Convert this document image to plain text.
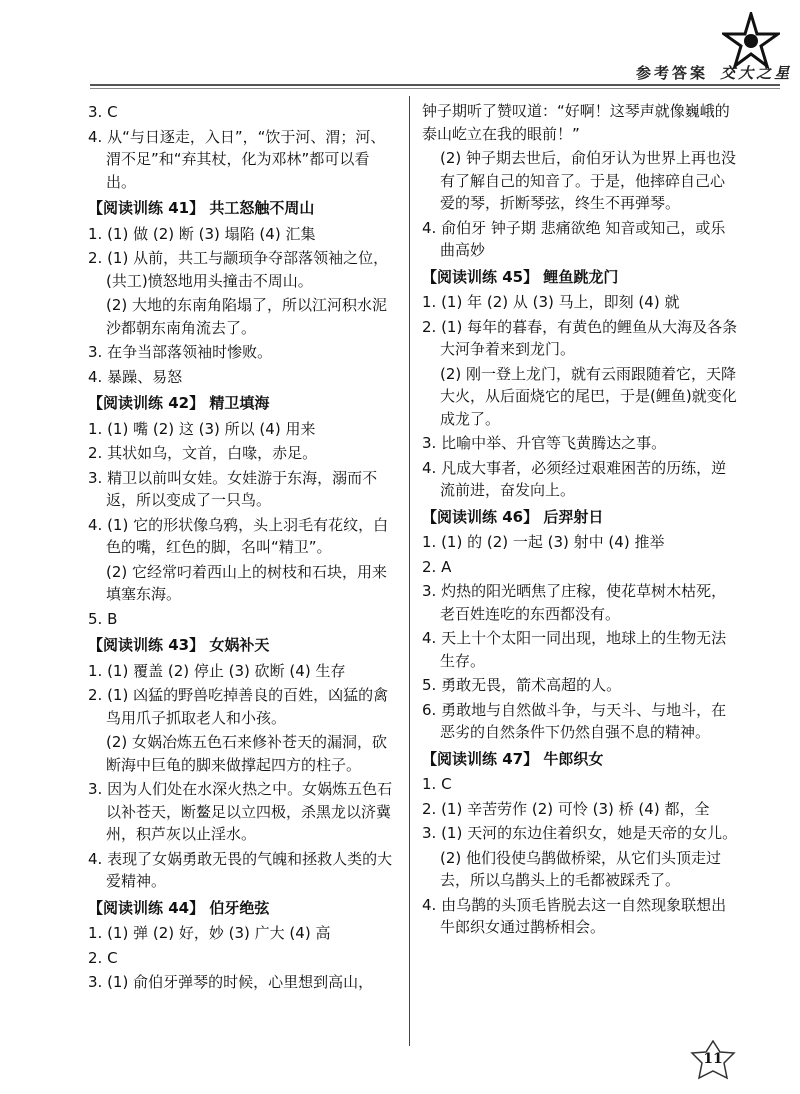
参考答案 交大之星
3. C
4. 从“与日逐走，入日”，“饮于河、渭；河、渭不足”和“弃其杖，化为邓林”都可以看出。
【阅读训练 41】 共工怒触不周山
1. (1) 做 (2) 断 (3) 塌陷 (4) 汇集
2. (1) 从前，共工与颛顼争夺部落领袖之位，(共工)愤怒地用头撞击不周山。
(2) 大地的东南角陷塌了，所以江河积水泥沙都朝东南角流去了。
3. 在争当部落领袖时惨败。
4. 暴躁、易怒
【阅读训练 42】 精卫填海
1. (1) 嘴 (2) 这 (3) 所以 (4) 用来
2. 其状如乌，文首，白喙，赤足。
3. 精卫以前叫女娃。女娃游于东海，溺而不返，所以变成了一只鸟。
4. (1) 它的形状像乌鸦，头上羽毛有花纹，白色的嘴，红色的脚，名叫“精卫”。
(2) 它经常叼着西山上的树枝和石块，用来填塞东海。
5. B
【阅读训练 43】 女娲补天
1. (1) 覆盖 (2) 停止 (3) 砍断 (4) 生存
2. (1) 凶猛的野兽吃掉善良的百姓，凶猛的禽鸟用爪子抓取老人和小孩。
(2) 女娲冶炼五色石来修补苍天的漏洞，砍断海中巨龟的脚来做撑起四方的柱子。
3. 因为人们处在水深火热之中。女娲炼五色石以补苍天，断鳌足以立四极，杀黑龙以济冀州，积芦灰以止淫水。
4. 表现了女娲勇敢无畏的气魄和拯救人类的大爱精神。
【阅读训练 44】 伯牙绝弦
1. (1) 弹 (2) 好，妙 (3) 广大 (4) 高
2. C
3. (1) 俞伯牙弹琴的时候，心里想到高山，
钟子期听了赞叹道：“好啊！这琴声就像巍峨的泰山屹立在我的眼前！”
(2) 钟子期去世后，俞伯牙认为世界上再也没有了解自己的知音了。于是，他摔碎自己心爱的琴，折断琴弦，终生不再弹琴。
4. 俞伯牙 钟子期 悲痛欲绝 知音或知己，或乐曲高妙
【阅读训练 45】 鲤鱼跳龙门
1. (1) 年 (2) 从 (3) 马上，即刻 (4) 就
2. (1) 每年的暮春，有黄色的鲤鱼从大海及各条大河争着来到龙门。
(2) 刚一登上龙门，就有云雨跟随着它，天降大火，从后面烧它的尾巴，于是(鲤鱼)就变化成龙了。
3. 比喻中举、升官等飞黄腾达之事。
4. 凡成大事者，必须经过艰难困苦的历练，逆流前进，奋发向上。
【阅读训练 46】 后羿射日
1. (1) 的 (2) 一起 (3) 射中 (4) 推举
2. A
3. 灼热的阳光晒焦了庄稼，使花草树木枯死，老百姓连吃的东西都没有。
4. 天上十个太阳一同出现，地球上的生物无法生存。
5. 勇敢无畏，箭术高超的人。
6. 勇敢地与自然做斗争，与天斗、与地斗，在恶劣的自然条件下仍然自强不息的精神。
【阅读训练 47】 牛郎织女
1. C
2. (1) 辛苦劳作 (2) 可怜 (3) 桥 (4) 都，全
3. (1) 天河的东边住着织女，她是天帝的女儿。
(2) 他们役使乌鹊做桥梁，从它们头顶走过去，所以乌鹊头上的毛都被踩秃了。
4. 由乌鹊的头顶毛皆脱去这一自然现象联想出牛郎织女通过鹊桥相会。
11
